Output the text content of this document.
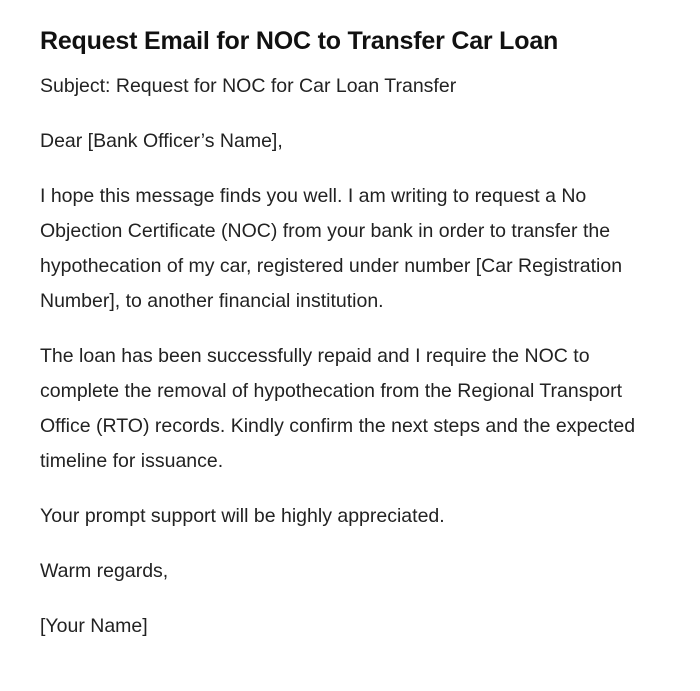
Request Email for NOC to Transfer Car Loan

Subject: Request for NOC for Car Loan Transfer

Dear [Bank Officer’s Name],

I hope this message finds you well. I am writing to request a No Objection Certificate (NOC) from your bank in order to transfer the hypothecation of my car, registered under number [Car Registration Number], to another financial institution.

The loan has been successfully repaid and I require the NOC to complete the removal of hypothecation from the Regional Transport Office (RTO) records. Kindly confirm the next steps and the expected timeline for issuance.

Your prompt support will be highly appreciated.

Warm regards,

[Your Name]
